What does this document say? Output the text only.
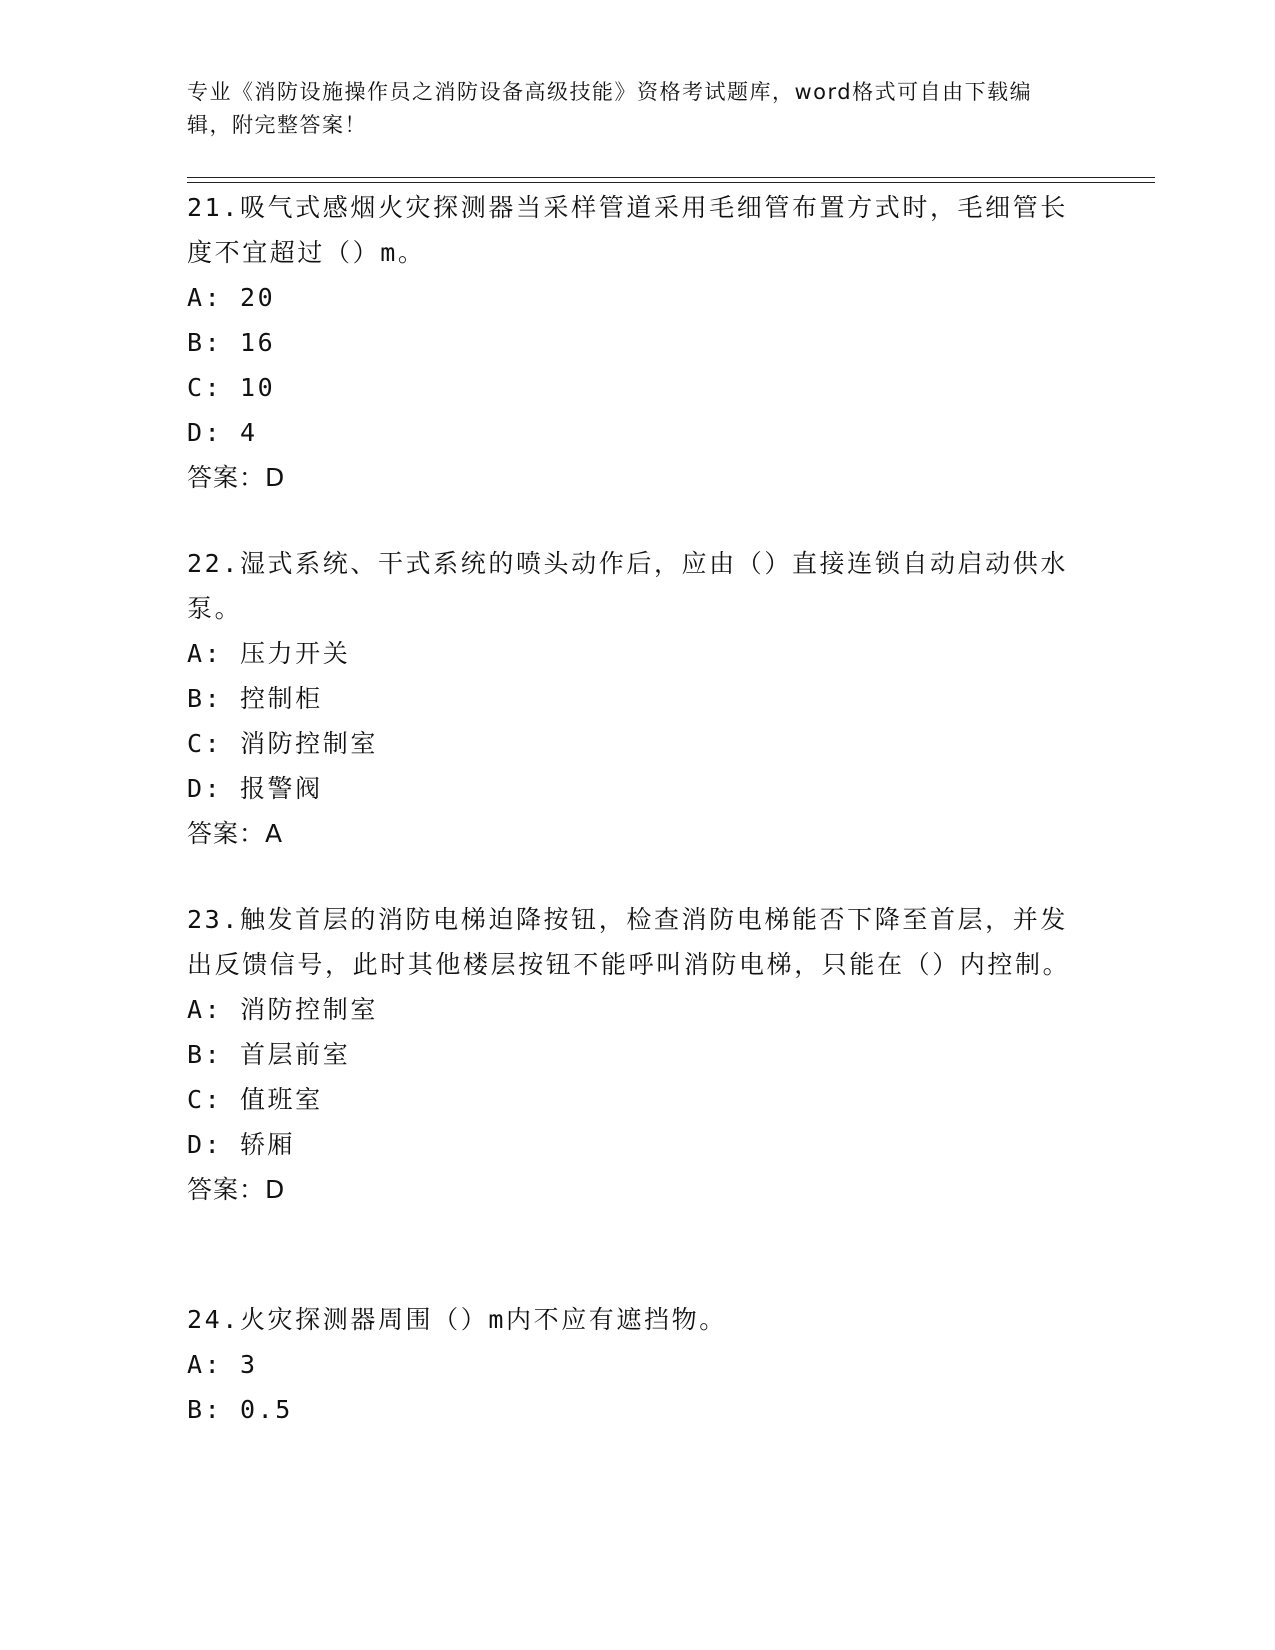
专业《消防设施操作员之消防设备高级技能》资格考试题库，word格式可自由下载编辑，附完整答案！

21.吸气式感烟火灾探测器当采样管道采用毛细管布置方式时，毛细管长度不宜超过（）m。

A: 20
B: 16
C: 10
D: 4
答案：D

22.湿式系统、干式系统的喷头动作后，应由（）直接连锁自动启动供水泵。

A: 压力开关
B: 控制柜
C: 消防控制室
D: 报警阀
答案：A

23.触发首层的消防电梯迫降按钮，检查消防电梯能否下降至首层，并发出反馈信号，此时其他楼层按钮不能呼叫消防电梯，只能在（）内控制。

A: 消防控制室
B: 首层前室
C: 值班室
D: 轿厢
答案：D

24.火灾探测器周围（）m内不应有遮挡物。

A: 3
B: 0.5
